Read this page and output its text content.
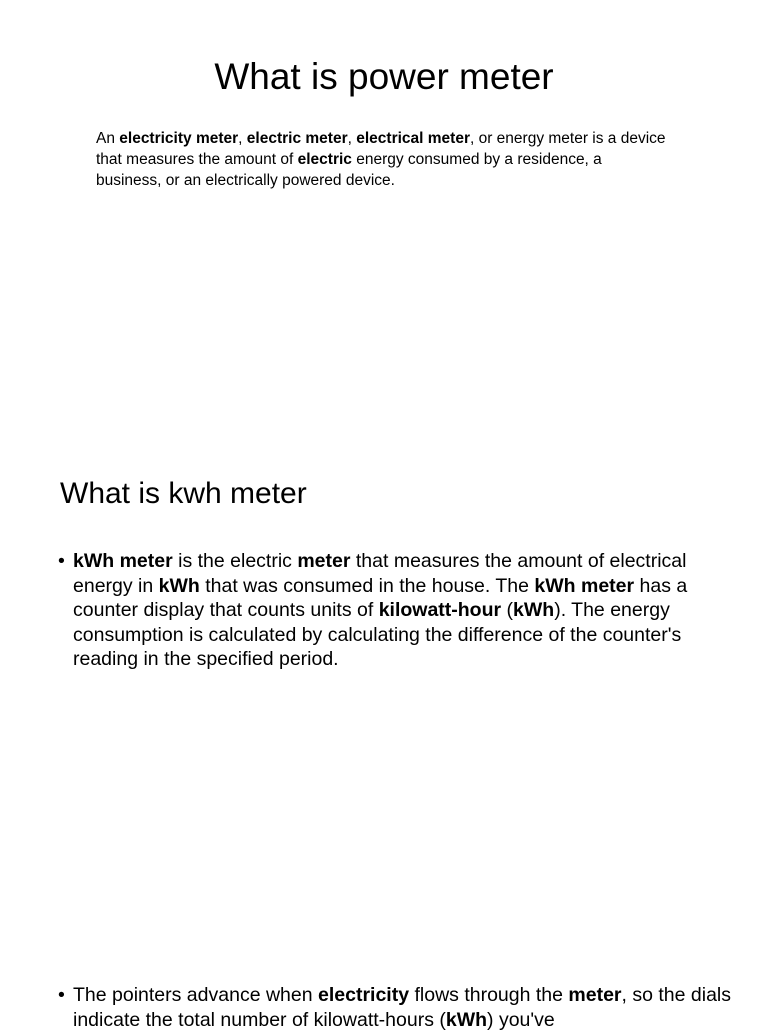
What is power meter

An electricity meter, electric meter, electrical meter, or energy meter is a device that measures the amount of electric energy consumed by a residence, a business, or an electrically powered device.

What is kwh meter

• kWh meter is the electric meter that measures the amount of electrical energy in kWh that was consumed in the house. The kWh meter has a counter display that counts units of kilowatt-hour (kWh). The energy consumption is calculated by calculating the difference of the counter's reading in the specified period.

• The pointers advance when electricity flows through the meter, so the dials indicate the total number of kilowatt-hours (kWh) you've
